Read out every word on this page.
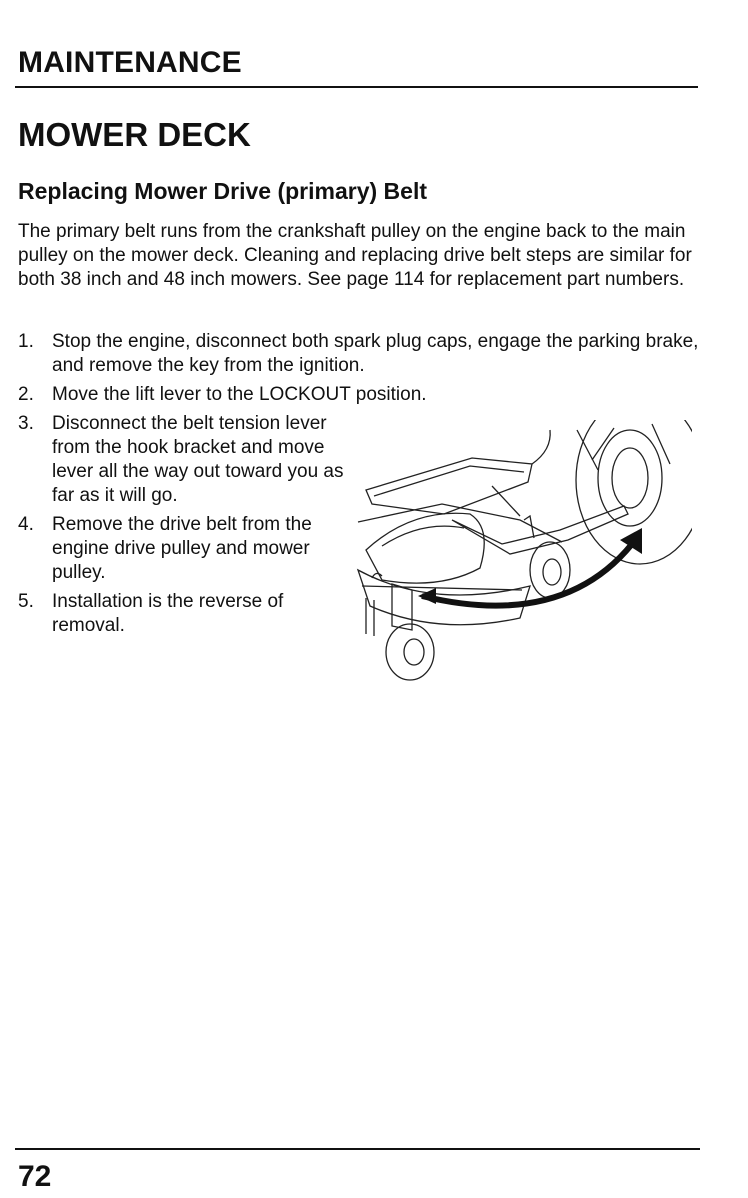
MAINTENANCE
MOWER DECK
Replacing Mower Drive (primary) Belt

The primary belt runs from the crankshaft pulley on the engine back to the main pulley on the mower deck. Cleaning and replacing drive belt steps are similar for both 38 inch and 48 inch mowers. See page 114 for replacement part numbers.

1. Stop the engine, disconnect both spark plug caps, engage the parking brake, and remove the key from the ignition.
2. Move the lift lever to the LOCKOUT position.
3. Disconnect the belt tension lever from the hook bracket and move lever all the way out toward you as far as it will go.
4. Remove the drive belt from the engine drive pulley and mower pulley.
5. Installation is the reverse of removal.
72
